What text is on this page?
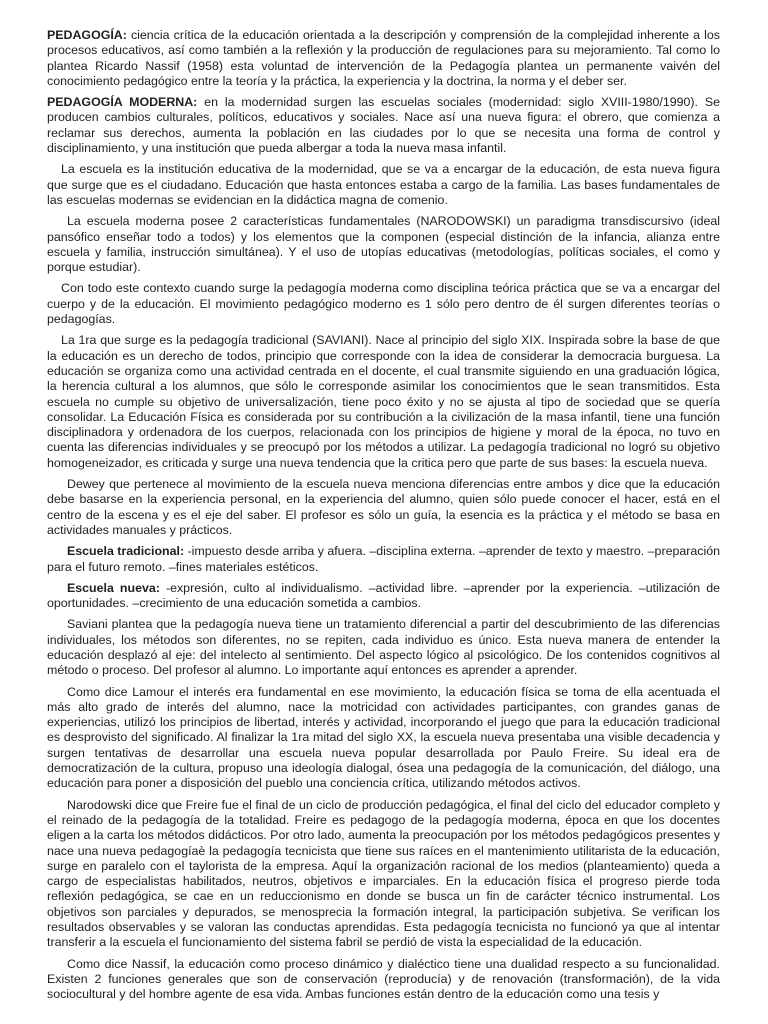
PEDAGOGÍA: ciencia crítica de la educación orientada a la descripción y comprensión de la complejidad inherente a los procesos educativos, así como también a la reflexión y la producción de regulaciones para su mejoramiento. Tal como lo plantea Ricardo Nassif (1958) esta voluntad de intervención de la Pedagogía plantea un permanente vaivén del conocimiento pedagógico entre la teoría y la práctica, la experiencia y la doctrina, la norma y el deber ser.

PEDAGOGÍA MODERNA: en la modernidad surgen las escuelas sociales (modernidad: siglo XVIII-1980/1990). Se producen cambios culturales, políticos, educativos y sociales. Nace así una nueva figura: el obrero, que comienza a reclamar sus derechos, aumenta la población en las ciudades por lo que se necesita una forma de control y disciplinamiento, y una institución que pueda albergar a toda la nueva masa infantil.

La escuela es la institución educativa de la modernidad, que se va a encargar de la educación, de esta nueva figura que surge que es el ciudadano. Educación que hasta entonces estaba a cargo de la familia. Las bases fundamentales de las escuelas modernas se evidencian en la didáctica magna de comenio.

La escuela moderna posee 2 características fundamentales (NARODOWSKI) un paradigma transdiscursivo (ideal pansófico enseñar todo a todos) y los elementos que la componen (especial distinción de la infancia, alianza entre escuela y familia, instrucción simultánea). Y el uso de utopías educativas (metodologías, políticas sociales, el como y porque estudiar).

Con todo este contexto cuando surge la pedagogía moderna como disciplina teórica práctica que se va a encargar del cuerpo y de la educación. El movimiento pedagógico moderno es 1 sólo pero dentro de él surgen diferentes teorías o pedagogías.

La 1ra que surge es la pedagogía tradicional (SAVIANI). Nace al principio del siglo XIX. Inspirada sobre la base de que la educación es un derecho de todos, principio que corresponde con la idea de considerar la democracia burguesa. La educación se organiza como una actividad centrada en el docente, el cual transmite siguiendo en una graduación lógica, la herencia cultural a los alumnos, que sólo le corresponde asimilar los conocimientos que le sean transmitidos. Esta escuela no cumple su objetivo de universalización, tiene poco éxito y no se ajusta al tipo de sociedad que se quería consolidar. La Educación Física es considerada por su contribución a la civilización de la masa infantil, tiene una función disciplinadora y ordenadora de los cuerpos, relacionada con los principios de higiene y moral de la época, no tuvo en cuenta las diferencias individuales y se preocupó por los métodos a utilizar. La pedagogía tradicional no logró su objetivo homogeneizador, es criticada y surge una nueva tendencia que la critica pero que parte de sus bases: la escuela nueva.

Dewey que pertenece al movimiento de la escuela nueva menciona diferencias entre ambos y dice que la educación debe basarse en la experiencia personal, en la experiencia del alumno, quien sólo puede conocer el hacer, está en el centro de la escena y es el eje del saber. El profesor es sólo un guía, la esencia es la práctica y el método se basa en actividades manuales y prácticos.

Escuela tradicional: -impuesto desde arriba y afuera. –disciplina externa. –aprender de texto y maestro. –preparación para el futuro remoto. –fines materiales estéticos.

Escuela nueva: -expresión, culto al individualismo. –actividad libre. –aprender por la experiencia. –utilización de oportunidades. –crecimiento de una educación sometida a cambios.

Saviani plantea que la pedagogía nueva tiene un tratamiento diferencial a partir del descubrimiento de las diferencias individuales, los métodos son diferentes, no se repiten, cada individuo es único. Esta nueva manera de entender la educación desplazó al eje: del intelecto al sentimiento. Del aspecto lógico al psicológico. De los contenidos cognitivos al método o proceso. Del profesor al alumno. Lo importante aquí entonces es aprender a aprender.

Como dice Lamour el interés era fundamental en ese movimiento, la educación física se toma de ella acentuada el más alto grado de interés del alumno, nace la motricidad con actividades participantes, con grandes ganas de experiencias, utilizó los principios de libertad, interés y actividad, incorporando el juego que para la educación tradicional es desprovisto del significado. Al finalizar la 1ra mitad del siglo XX, la escuela nueva presentaba una visible decadencia y surgen tentativas de desarrollar una escuela nueva popular desarrollada por Paulo Freire. Su ideal era de democratización de la cultura, propuso una ideología dialogal, ósea una pedagogía de la comunicación, del diálogo, una educación para poner a disposición del pueblo una conciencia crítica, utilizando métodos activos.

Narodowski dice que Freire fue el final de un ciclo de producción pedagógica, el final del ciclo del educador completo y el reinado de la pedagogía de la totalidad. Freire es pedagogo de la pedagogía moderna, época en que los docentes eligen a la carta los métodos didácticos. Por otro lado, aumenta la preocupación por los métodos pedagógicos presentes y nace una nueva pedagogíaè la pedagogía tecnicista que tiene sus raíces en el mantenimiento utilitarista de la educación, surge en paralelo con el taylorista de la empresa. Aquí la organización racional de los medios (planteamiento) queda a cargo de especialistas habilitados, neutros, objetivos e imparciales. En la educación física el progreso pierde toda reflexión pedagógica, se cae en un reduccionismo en donde se busca un fin de carácter técnico instrumental. Los objetivos son parciales y depurados, se menosprecia la formación integral, la participación subjetiva. Se verifican los resultados observables y se valoran las conductas aprendidas. Esta pedagogía tecnicista no funcionó ya que al intentar transferir a la escuela el funcionamiento del sistema fabril se perdió de vista la especialidad de la educación.

Como dice Nassif, la educación como proceso dinámico y dialéctico tiene una dualidad respecto a su funcionalidad. Existen 2 funciones generales que son de conservación (reproducía) y de renovación (transformación), de la vida sociocultural y del hombre agente de esa vida. Ambas funciones están dentro de la educación como una tesis y
